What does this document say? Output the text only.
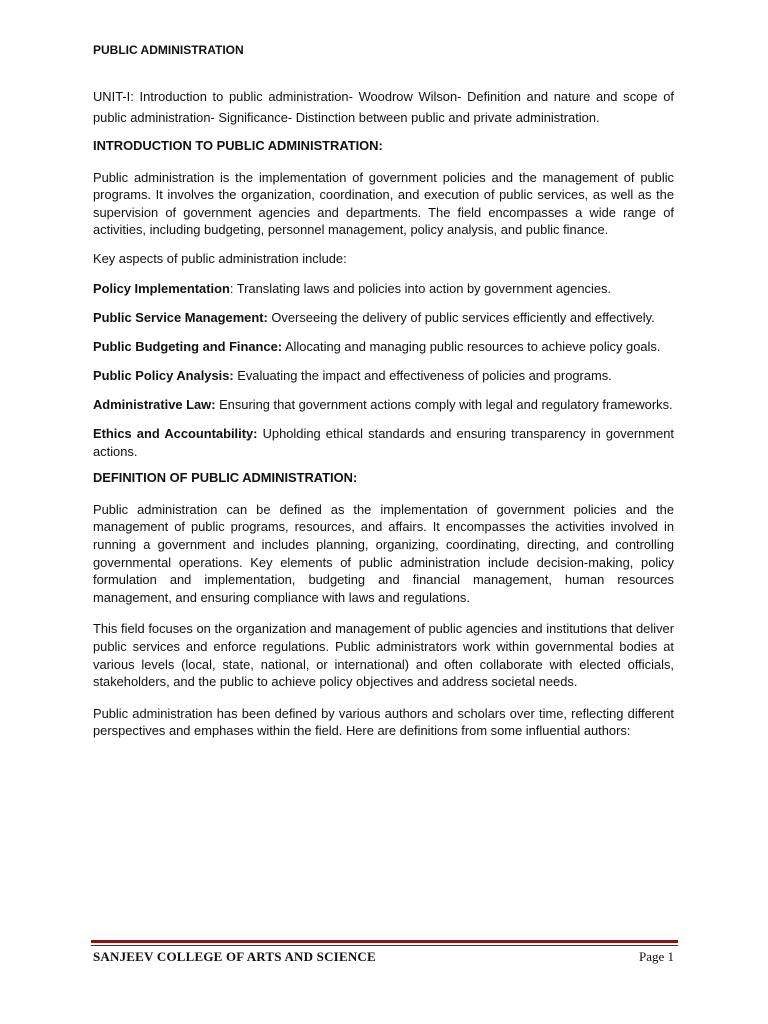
PUBLIC ADMINISTRATION

UNIT-I: Introduction to public administration- Woodrow Wilson- Definition and nature and scope of public administration- Significance- Distinction between public and private administration.

INTRODUCTION TO PUBLIC ADMINISTRATION:

Public administration is the implementation of government policies and the management of public programs. It involves the organization, coordination, and execution of public services, as well as the supervision of government agencies and departments. The field encompasses a wide range of activities, including budgeting, personnel management, policy analysis, and public finance.

Key aspects of public administration include:

Policy Implementation: Translating laws and policies into action by government agencies.

Public Service Management: Overseeing the delivery of public services efficiently and effectively.

Public Budgeting and Finance: Allocating and managing public resources to achieve policy goals.

Public Policy Analysis: Evaluating the impact and effectiveness of policies and programs.

Administrative Law: Ensuring that government actions comply with legal and regulatory frameworks.

Ethics and Accountability: Upholding ethical standards and ensuring transparency in government actions.

DEFINITION OF PUBLIC ADMINISTRATION:

Public administration can be defined as the implementation of government policies and the management of public programs, resources, and affairs. It encompasses the activities involved in running a government and includes planning, organizing, coordinating, directing, and controlling governmental operations. Key elements of public administration include decision-making, policy formulation and implementation, budgeting and financial management, human resources management, and ensuring compliance with laws and regulations.

This field focuses on the organization and management of public agencies and institutions that deliver public services and enforce regulations. Public administrators work within governmental bodies at various levels (local, state, national, or international) and often collaborate with elected officials, stakeholders, and the public to achieve policy objectives and address societal needs.

Public administration has been defined by various authors and scholars over time, reflecting different perspectives and emphases within the field. Here are definitions from some influential authors:

SANJEEV COLLEGE OF ARTS AND SCIENCE	Page 1
